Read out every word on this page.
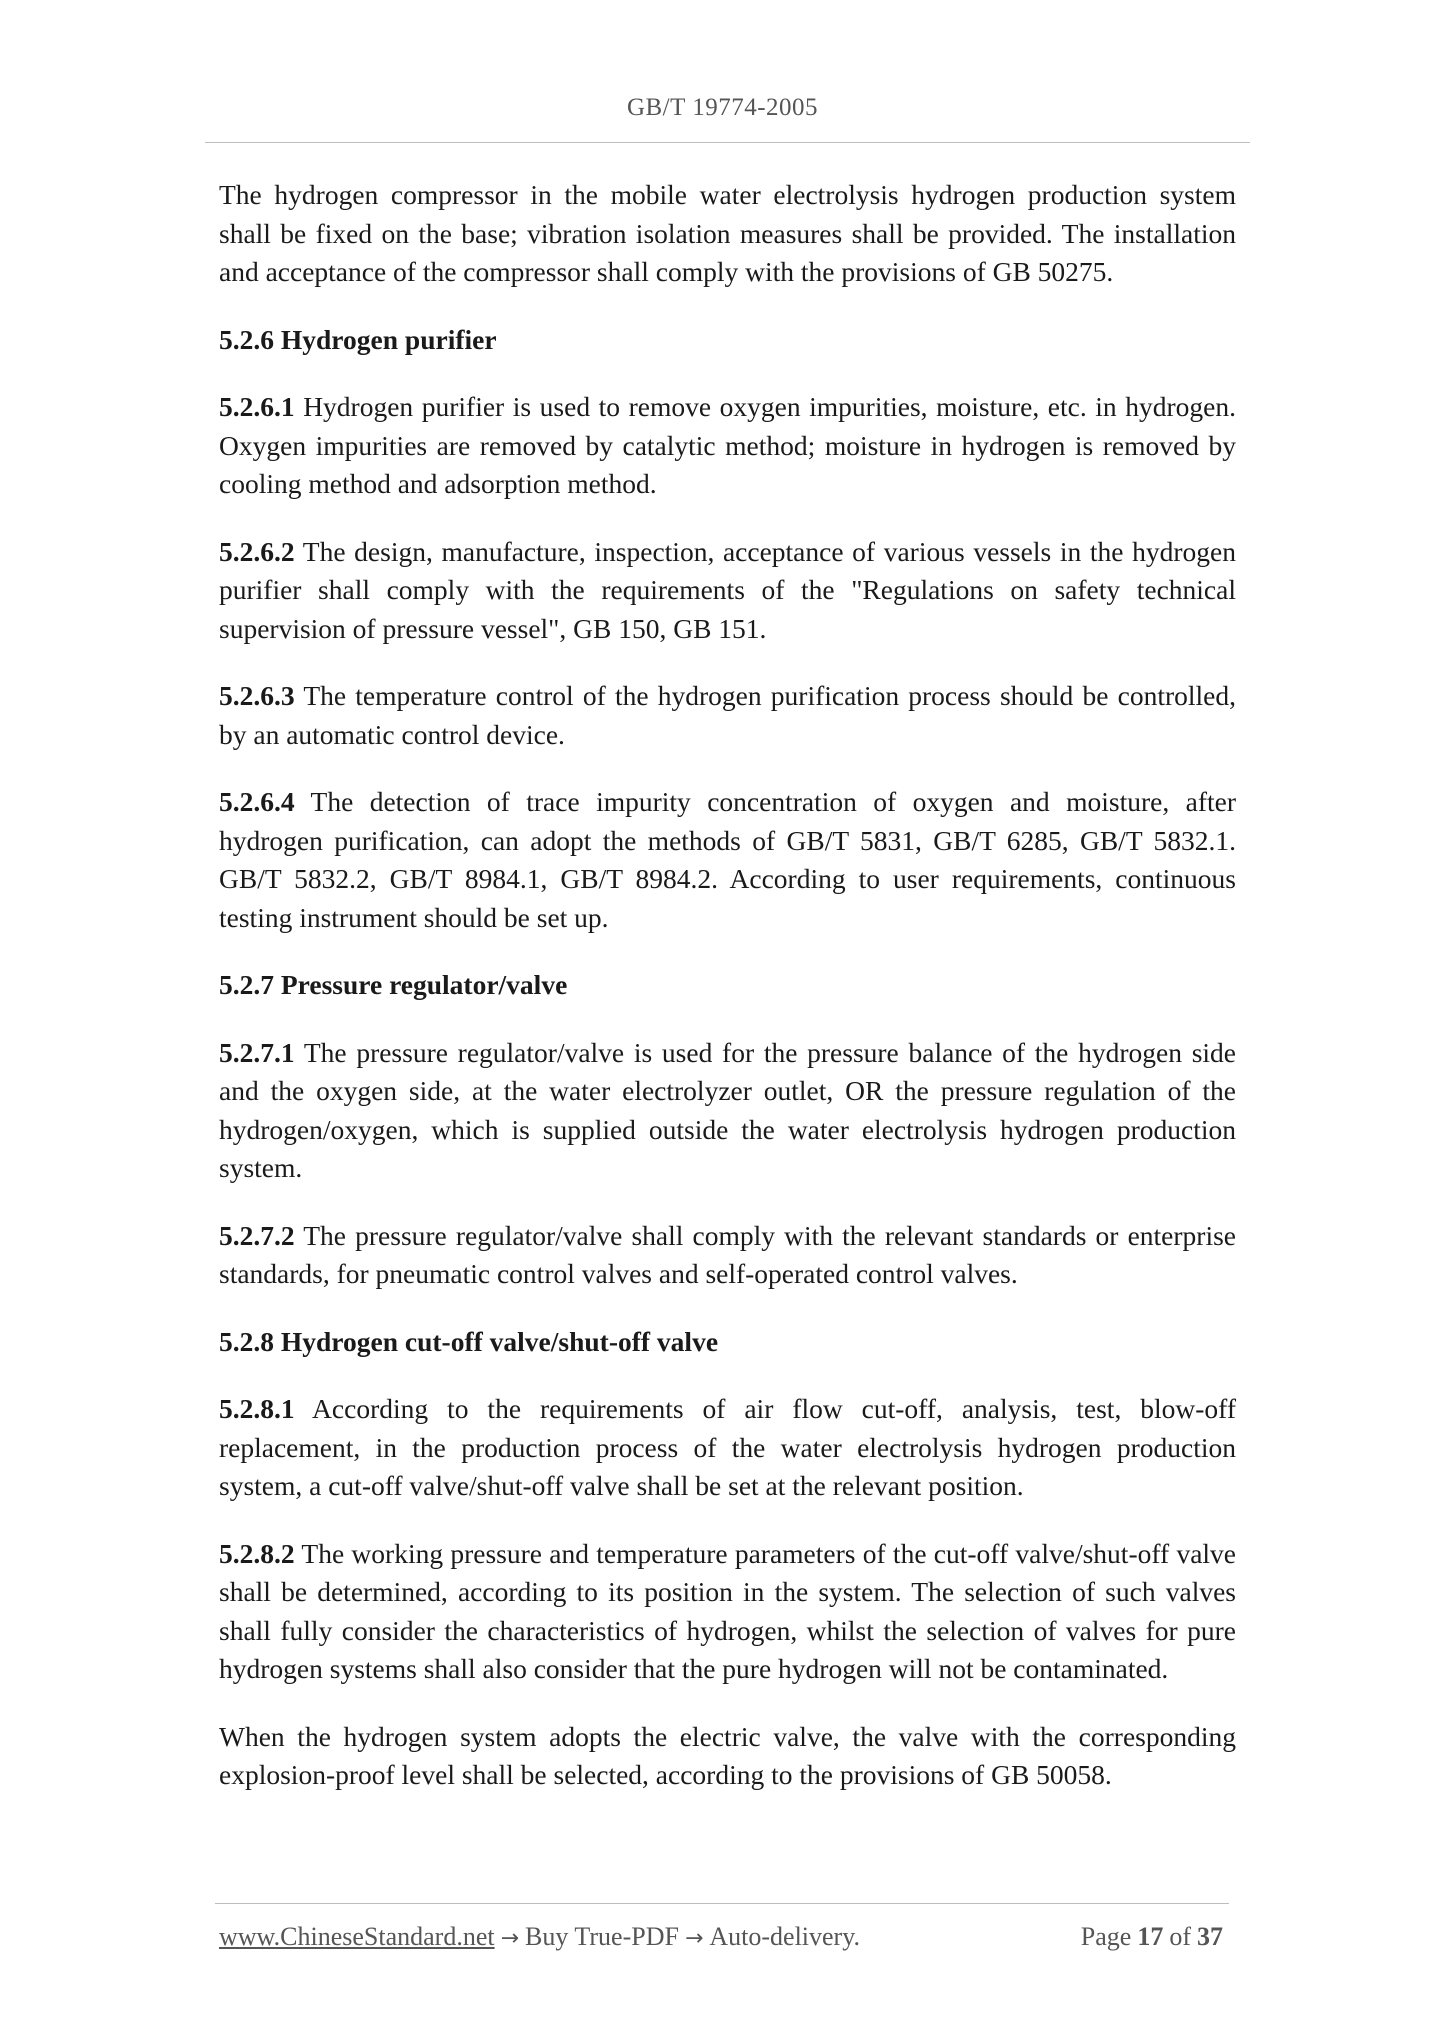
GB/T 19774-2005

The hydrogen compressor in the mobile water electrolysis hydrogen production system shall be fixed on the base; vibration isolation measures shall be provided. The installation and acceptance of the compressor shall comply with the provisions of GB 50275.

5.2.6 Hydrogen purifier

5.2.6.1 Hydrogen purifier is used to remove oxygen impurities, moisture, etc. in hydrogen. Oxygen impurities are removed by catalytic method; moisture in hydrogen is removed by cooling method and adsorption method.

5.2.6.2 The design, manufacture, inspection, acceptance of various vessels in the hydrogen purifier shall comply with the requirements of the "Regulations on safety technical supervision of pressure vessel", GB 150, GB 151.

5.2.6.3 The temperature control of the hydrogen purification process should be controlled, by an automatic control device.

5.2.6.4 The detection of trace impurity concentration of oxygen and moisture, after hydrogen purification, can adopt the methods of GB/T 5831, GB/T 6285, GB/T 5832.1. GB/T 5832.2, GB/T 8984.1, GB/T 8984.2. According to user requirements, continuous testing instrument should be set up.

5.2.7 Pressure regulator/valve

5.2.7.1 The pressure regulator/valve is used for the pressure balance of the hydrogen side and the oxygen side, at the water electrolyzer outlet, OR the pressure regulation of the hydrogen/oxygen, which is supplied outside the water electrolysis hydrogen production system.

5.2.7.2 The pressure regulator/valve shall comply with the relevant standards or enterprise standards, for pneumatic control valves and self-operated control valves.

5.2.8 Hydrogen cut-off valve/shut-off valve

5.2.8.1 According to the requirements of air flow cut-off, analysis, test, blow-off replacement, in the production process of the water electrolysis hydrogen production system, a cut-off valve/shut-off valve shall be set at the relevant position.

5.2.8.2 The working pressure and temperature parameters of the cut-off valve/shut-off valve shall be determined, according to its position in the system. The selection of such valves shall fully consider the characteristics of hydrogen, whilst the selection of valves for pure hydrogen systems shall also consider that the pure hydrogen will not be contaminated.

When the hydrogen system adopts the electric valve, the valve with the corresponding explosion-proof level shall be selected, according to the provisions of GB 50058.

www.ChineseStandard.net → Buy True-PDF → Auto-delivery.	Page 17 of 37
